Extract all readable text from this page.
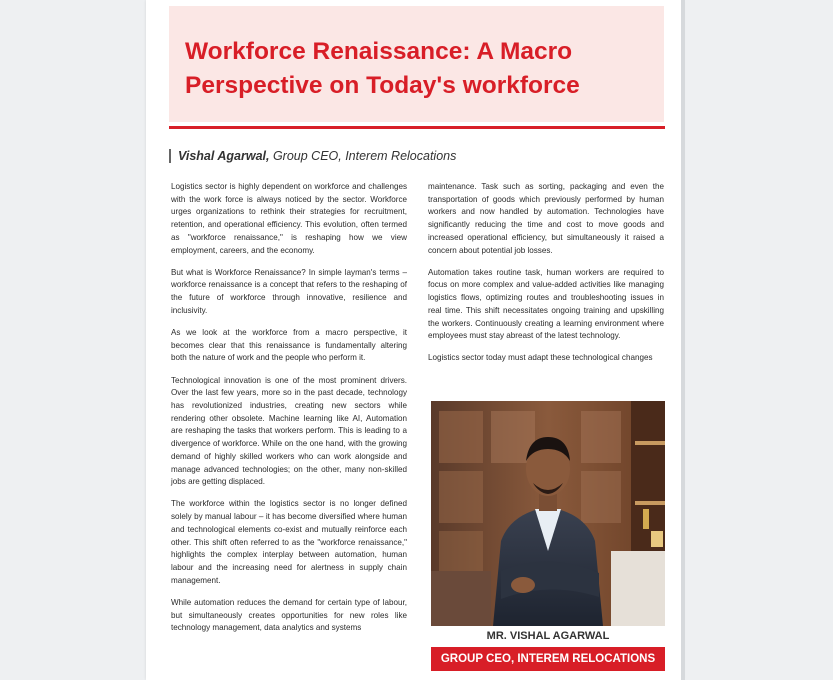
Workforce Renaissance: A Macro Perspective on Today's workforce
Vishal Agarwal, Group CEO, Interem Relocations

Logistics sector is highly dependent on workforce and challenges with the work force is always noticed by the sector. Workforce urges organizations to rethink their strategies for recruitment, retention, and operational efficiency. This evolution, often termed as "workforce renaissance," is reshaping how we view employment, careers, and the economy.

But what is Workforce Renaissance? In simple layman's terms – workforce renaissance is a concept that refers to the reshaping of the future of workforce through innovative, resilience and inclusivity.

As we look at the workforce from a macro perspective, it becomes clear that this renaissance is fundamentally altering both the nature of work and the people who perform it.

Technological innovation is one of the most prominent drivers. Over the last few years, more so in the past decade, technology has revolutionized industries, creating new sectors while rendering other obsolete. Machine learning like AI, Automation are reshaping the tasks that workers perform. This is leading to a divergence of workforce. While on the one hand, with the growing demand of highly skilled workers who can work alongside and manage advanced technologies; on the other, many non-skilled jobs are getting displaced.

The workforce within the logistics sector is no longer defined solely by manual labour – it has become diversified where human and technological elements co-exist and mutually reinforce each other. This shift often referred to as the "workforce renaissance," highlights the complex interplay between automation, human labour and the increasing need for alertness in supply chain management.

While automation reduces the demand for certain type of labour, but simultaneously creates opportunities for new roles like technology management, data analytics and systems

maintenance. Task such as sorting, packaging and even the transportation of goods which previously performed by human workers and now handled by automation. Technologies have significantly reducing the time and cost to move goods and increased operational efficiency, but simultaneously it raised a concern about potential job losses.

Automation takes routine task, human workers are required to focus on more complex and value-added activities like managing logistics flows, optimizing routes and troubleshooting issues in real time. This shift necessitates ongoing training and upskilling the workers. Continuously creating a learning environment where employees must stay abreast of the latest technology.

Logistics sector today must adapt these technological changes

MR. VISHAL AGARWAL
GROUP CEO, INTEREM RELOCATIONS
